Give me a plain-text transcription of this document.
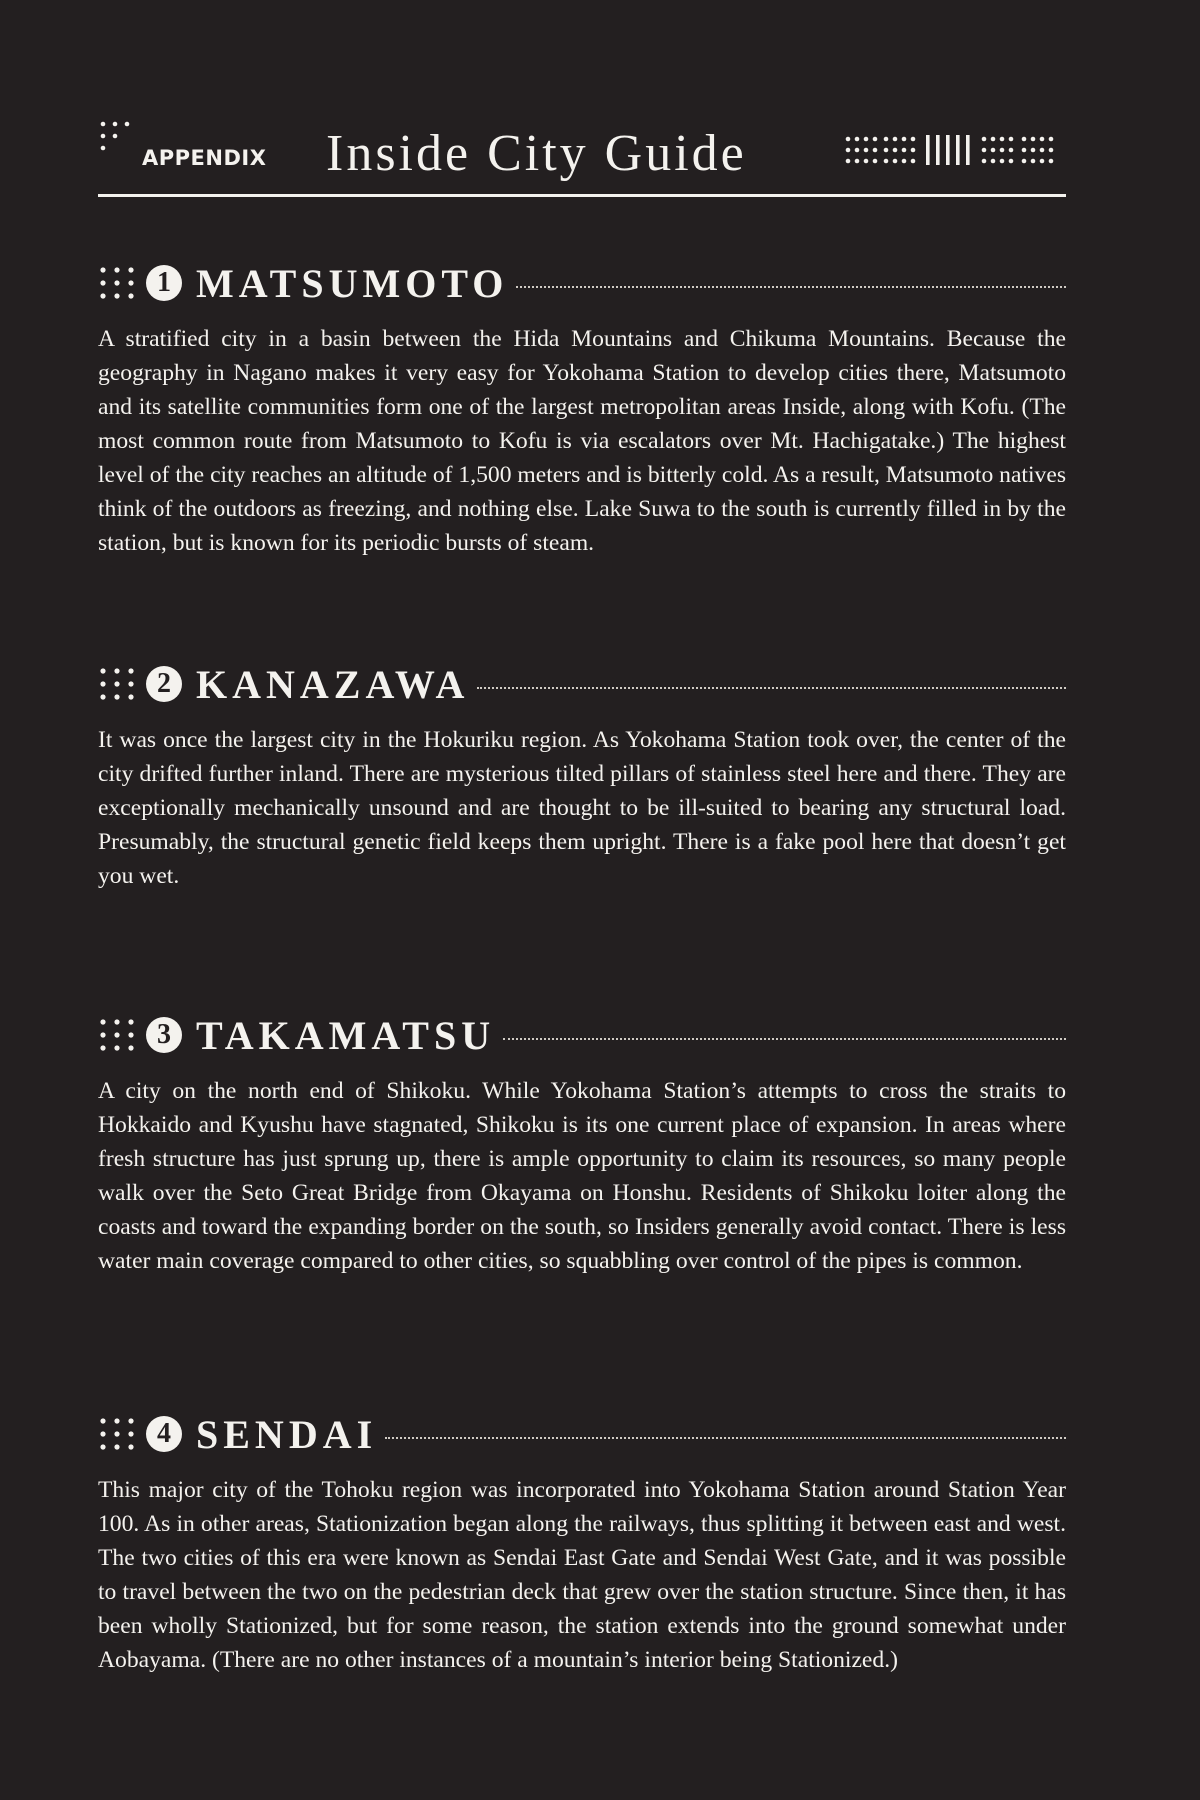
APPENDIX Inside City Guide
1 MATSUMOTO

A stratified city in a basin between the Hida Mountains and Chikuma Mountains. Because the geography in Nagano makes it very easy for Yokohama Station to develop cities there, Matsumoto and its satellite communities form one of the largest metropolitan areas Inside, along with Kofu. (The most common route from Matsumoto to Kofu is via escalators over Mt. Hachigatake.) The highest level of the city reaches an altitude of 1,500 meters and is bitterly cold. As a result, Matsumoto natives think of the outdoors as freezing, and nothing else. Lake Suwa to the south is currently filled in by the station, but is known for its periodic bursts of steam.

2 KANAZAWA

It was once the largest city in the Hokuriku region. As Yokohama Station took over, the center of the city drifted further inland. There are mysterious tilted pillars of stainless steel here and there. They are exceptionally mechanically unsound and are thought to be ill-suited to bearing any structural load. Presumably, the structural genetic field keeps them upright. There is a fake pool here that doesn’t get you wet.

3 TAKAMATSU

A city on the north end of Shikoku. While Yokohama Station’s attempts to cross the straits to Hokkaido and Kyushu have stagnated, Shikoku is its one current place of expansion. In areas where fresh structure has just sprung up, there is ample opportunity to claim its resources, so many people walk over the Seto Great Bridge from Okayama on Honshu. Residents of Shikoku loiter along the coasts and toward the expanding border on the south, so Insiders generally avoid contact. There is less water main coverage compared to other cities, so squabbling over control of the pipes is common.

4 SENDAI

This major city of the Tohoku region was incorporated into Yokohama Station around Station Year 100. As in other areas, Stationization began along the railways, thus splitting it between east and west. The two cities of this era were known as Sendai East Gate and Sendai West Gate, and it was possible to travel between the two on the pedestrian deck that grew over the station structure. Since then, it has been wholly Stationized, but for some reason, the station extends into the ground somewhat under Aobayama. (There are no other instances of a mountain’s interior being Stationized.)
